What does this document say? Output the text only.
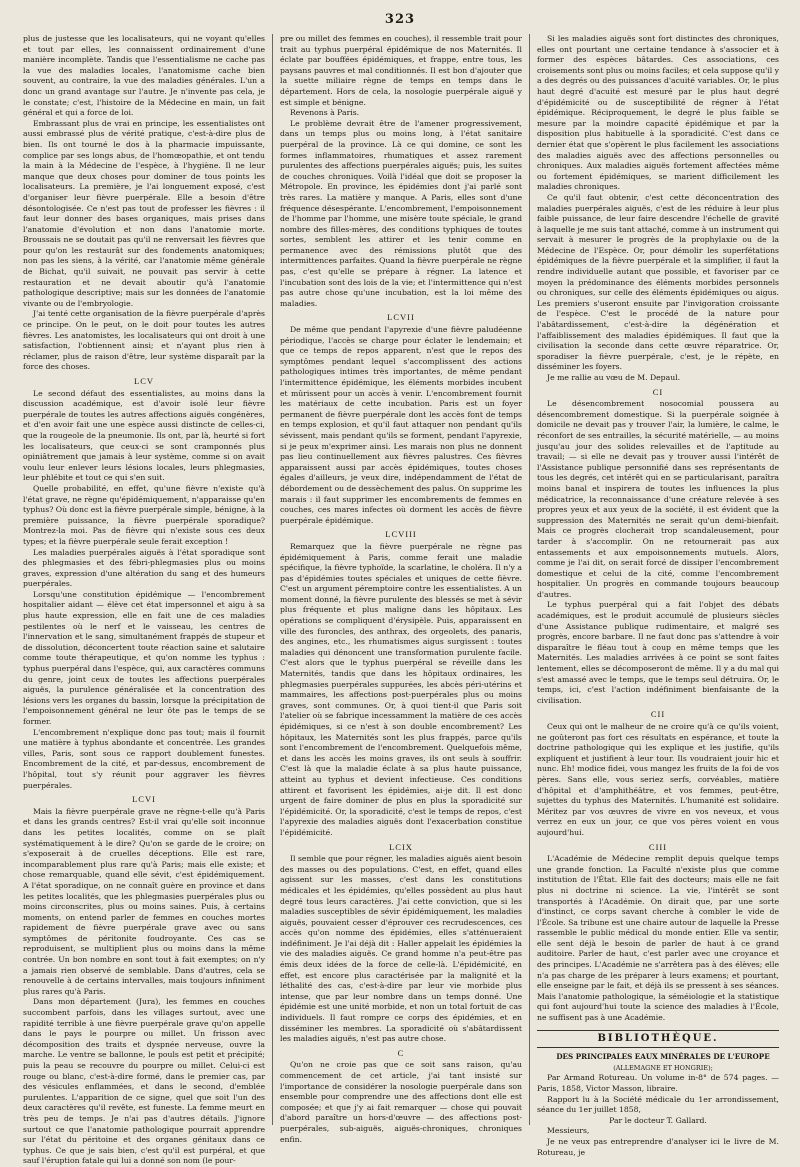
323

plus de justesse que les localisateurs, qui ne voyant qu'elles et tout par elles, les connaissent ordinairement d'une manière incomplète. Tandis que l'essentialisme ne cache pas la vue des maladies locales, l'anatomisme cache bien souvent, au contraire, la vue des maladies générales. L'un a donc un grand avantage sur l'autre. Je n'invente pas cela, je le constate; c'est, l'histoire de la Médecine en main, un fait général et qui a force de loi.

Embrassant plus de vrai en principe, les essentialistes ont aussi embrassé plus de vérité pratique, c'est-à-dire plus de bien. Ils ont tourné le dos à la pharmacie impuissante, complice par ses longs abus, de l'homœopathie, et ont tendu la main à la Médecine de l'espèce, à l'hygiène. Il ne leur manque que deux choses pour dominer de tous points les localisateurs. La première, je l'ai longuement exposé, c'est d'organiser leur fièvre puerpérale. Elle a besoin d'être désontologisée. Ce n'est pas tout de professer les fièvres : il faut leur donner des bases organiques, mais prises dans l'anatomie d'évolution et non dans l'anatomie morte. Broussais ne se doutait pas qu'il ne renversait les fièvres que pour qu'on les restaurât sur des fondements anatomiques; non pas les siens, à la vérité, car l'anatomie même générale de Bichat, qu'il suivait, ne pouvait pas servir à cette restauration et ne devait aboutir qu'à l'anatomie pathologique descriptive; mais sur les données de l'anatomie vivante ou de l'embryologie.

J'ai tenté cette organisation de la fièvre puerpérale d'après ce principe. On le peut, on le doit pour toutes les autres fièvres. Les anatomistes, les localisateurs qui ont droit à une satisfaction, l'obtiennent ainsi; et n'ayant plus rien à réclamer, plus de raison d'être, leur système disparaît par la force des choses.

LCV

Le second défaut des essentialistes, au moins dans la discussion académique, est d'avoir isolé leur fièvre puerpérale de toutes les autres affections aiguës congénères, et d'en avoir fait une une espèce aussi distincte de celles-ci, que la rougeole de la pneumonie. Ils ont, par là, heurté si fort les localisateurs, que ceux-ci se sont cramponnés plus opiniâtrement que jamais à leur système, comme si on avait voulu leur enlever leurs lésions locales, leurs phlegmasies, leur phlébite et tout ce qui s'en suit.

Quelle probabilité, en effet, qu'une fièvre n'existe qu'à l'état grave, ne règne qu'épidémiquement, n'apparaisse qu'en typhus? Où donc est la fièvre puerpérale simple, bénigne, à la première puissance, la fièvre puerpérale sporadique? Montrez-la moi. Pas de fièvre qui n'existe sous ces deux types; et la fièvre puerpérale seule ferait exception !

Les maladies puerpérales aiguës à l'état sporadique sont des phlegmasies et des fébri-phlegmasies plus ou moins graves, expression d'une altération du sang et des humeurs puerpérales.

Lorsqu'une constitution épidémique — l'encombrement hospitalier aidant — élève cet état impersonnel et aigu à sa plus haute expression, elle en fait une de ces maladies pestilentes où le nerf et le vaisseau, les centres de l'innervation et le sang, simultanément frappés de stupeur et de dissolution, déconcertent toute réaction saine et salutaire comme toute thérapeutique, et qu'on nomme les typhus : typhus puerpéral dans l'espèce, qui, aux caractères communs du genre, joint ceux de toutes les affections puerpérales aiguës, la purulence généralisée et la concentration des lésions vers les organes du bassin, lorsque la précipitation de l'empoisonnement général ne leur ôte pas le temps de se former.

L'encombrement n'explique donc pas tout; mais il fournit une matière à typhus abondante et concentrée. Les grandes villes, Paris, sont sous ce rapport doublement funestes. Encombrement de la cité, et par-dessus, encombrement de l'hôpital, tout s'y réunit pour aggraver les fièvres puerpérales.

LCVI

Mais la fièvre puerpérale grave ne règne-t-elle qu'à Paris et dans les grands centres? Est-il vrai qu'elle soit inconnue dans les petites localités, comme on se plaît systématiquement à le dire? Qu'on se garde de le croire; on s'exposerait à de cruelles déceptions. Elle est rare, incomparablement plus rare qu'à Paris; mais elle existe; et chose remarquable, quand elle sévit, c'est épidémiquement. A l'état sporadique, on ne connaît guère en province et dans les petites localités, que les phlegmasies puerpérales plus ou moins circonscrites, plus ou moins saines. Puis, à certains moments, on entend parler de femmes en couches mortes rapidement de fièvre puerpérale grave avec ou sans symptômes de péritonite foudroyante. Ces cas se reproduisent, se multiplient plus ou moins dans la même contrée. Un bon nombre en sont tout à fait exemptes; on n'y a jamais rien observé de semblable. Dans d'autres, cela se renouvelle à de certains intervalles, mais toujours infiniment plus rares qu'à Paris.

Dans mon département (Jura), les femmes en couches succombent parfois, dans les villages surtout, avec une rapidité terrible à une fièvre puerpérale grave qu'on appelle dans le pays le pourpre ou millet. Un frisson avec décomposition des traits et dyspnée nerveuse, ouvre la marche. Le ventre se ballonne, le pouls est petit et précipité; puis la peau se recouvre du pourpre ou millet. Celui-ci est rouge ou blanc, c'est-à-dire formé, dans le premier cas, par des vésicules enflammées, et dans le second, d'emblée purulentes. L'apparition de ce signe, quel que soit l'un des deux caractères qu'il revête, est funeste. La femme meurt en très peu de temps. Je n'ai pas d'autres détails. J'ignore surtout ce que l'anatomie pathologique pourrait apprendre sur l'état du péritoine et des organes génitaux dans ce typhus. Ce que je sais bien, c'est qu'il est purpéral, et que sauf l'éruption fatale qui lui a donné son nom (le pour-

pre ou millet des femmes en couches), il ressemble trait pour trait au typhus puerpéral épidémique de nos Maternités. Il éclate par bouffées épidémiques, et frappe, entre tous, les paysans pauvres et mal conditionnés. Il est bon d'ajouter que la suette miliaire règne de temps en temps dans le département. Hors de cela, la nosologie puerpérale aiguë y est simple et bénigne.

Revenons à Paris.

Le problème devrait être de l'amener progressivement, dans un temps plus ou moins long, à l'état sanitaire puerpéral de la province. Là ce qui domine, ce sont les formes inflammatoires, rhumatiques et assez rarement purulentes des affections puerpérales aiguës; puis, les suites de couches chroniques. Voilà l'idéal que doit se proposer la Métropole. En province, les épidémies dont j'ai parlé sont très rares. La matière y manque. A Paris, elles sont d'une fréquence désespérante. L'encombrement, l'empoisonnement de l'homme par l'homme, une misère toute spéciale, le grand nombre des filles-mères, des conditions typhiques de toutes sortes, semblent les attirer et les tenir comme en permanence avec des rémissions plutôt que des intermittences parfaites. Quand la fièvre puerpérale ne règne pas, c'est qu'elle se prépare à régner. La latence et l'incubation sont des lois de la vie; et l'intermittence qui n'est pas autre chose qu'une incubation, est la loi même des maladies.

LCVII

De même que pendant l'apyrexie d'une fièvre paludéenne périodique, l'accès se charge pour éclater le lendemain; et que ce temps de repos apparent, n'est que le repos des symptômes pendant lequel s'accomplissent des actions pathologiques intimes très importantes, de même pendant l'intermittence épidémique, les éléments morbides incubent et mûrissent pour un accès à venir. L'encombrement fournit les matériaux de cette incubation. Paris est un foyer permanent de fièvre puerpérale dont les accès font de temps en temps explosion, et qu'il faut attaquer non pendant qu'ils sévissent, mais pendant qu'ils se forment, pendant l'apyrexie, si je peux m'exprimer ainsi. Les marais non plus ne donnent pas lieu continuellement aux fièvres palustres. Ces fièvres apparaissent aussi par accès épidémiques, toutes choses égales d'ailleurs, je veux dire, indépendamment de l'état de débordement ou de dessèchement des palus. On supprime les marais : il faut supprimer les encombrements de femmes en couches, ces mares infectes où dorment les accès de fièvre puerpérale épidémique.

LCVIII

Remarquez que la fièvre puerpérale ne règne pas épidémiquement à Paris, comme ferait une maladie spécifique, la fièvre typhoïde, la scarlatine, le choléra. Il n'y a pas d'épidémies toutes spéciales et uniques de cette fièvre. C'est un argument péremptoire contre les essentialistes. A un moment donné, la fièvre purulente des blessés se met à sévir plus fréquente et plus maligne dans les hôpitaux. Les opérations se compliquent d'érysipèle. Puis, apparaissent en ville des furoncles, des anthrax, des orgeolets, des panaris, des angines, etc., les rhumatismes aigus surgissent : toutes maladies qui dénoncent une transformation purulente facile. C'est alors que le typhus puerpéral se réveille dans les Maternités, tandis que dans les hôpitaux ordinaires, les phlegmasies puerpérales suppurées, les abcès péri-utérins et mammaires, les affections post-puerpérales plus ou moins graves, sont communes. Or, à quoi tient-il que Paris soit l'atelier où se fabrique incessamment la matière de ces accès épidémiques, si ce n'est à son double encombrement? Les hôpitaux, les Maternités sont les plus frappés, parce qu'ils sont l'encombrement de l'encombrement. Quelquefois même, et dans les accès les moins graves, ils ont seuls à souffrir. C'est là que la maladie éclate à sa plus haute puissance, atteint au typhus et devient infectieuse. Ces conditions attirent et favorisent les épidémies, ai-je dit. Il est donc urgent de faire dominer de plus en plus la sporadicité sur l'épidémicité. Or, la sporadicité, c'est le temps de repos, c'est l'apyrexie des maladies aiguës dont l'exacerbation constitue l'épidémicité.

LCIX

Il semble que pour régner, les maladies aiguës aient besoin des masses ou des populations. C'est, en effet, quand elles agissent sur les masses, c'est dans les constitutions médicales et les épidémies, qu'elles possèdent au plus haut degré tous leurs caractères. J'ai cette conviction, que si les maladies susceptibles de sévir épidémiquement, les maladies aiguës, pouvaient cesser d'éprouver ces recrudescences, ces accès qu'on nomme des épidémies, elles s'atténueraient indéfiniment. Je l'ai déjà dit : Haller appelait les épidémies la vie des maladies aiguës. Ce grand homme n'a peut-être pas émis deux idées de la force de celle-là. L'épidémicité, en effet, est encore plus caractérisée par la malignité et la léthalité des cas, c'est-à-dire par leur vie morbide plus intense, que par leur nombre dans un temps donné. Une épidémie est une unité morbide, et non un total fortuit de cas individuels. Il faut rompre ce corps des épidémies, et en disséminer les membres. La sporadicité où s'abâtardissent les maladies aiguës, n'est pas autre chose.

C

Qu'on ne croie pas que ce soit sans raison, qu'au commencement de cet article, j'ai tant insisté sur l'importance de considérer la nosologie puerpérale dans son ensemble pour comprendre une des affections dont elle est composée; et que j'y ai fait remarquer — chose qui pouvait d'abord paraître un hors-d'œuvre — des affections post-puerpérales, sub-aiguës, aiguës-chroniques, chroniques enfin.

Si les maladies aiguës sont fort distinctes des chroniques, elles ont pourtant une certaine tendance à s'associer et à former des espèces bâtardes. Ces associations, ces croisements sont plus ou moins faciles; et cela suppose qu'il y a des degrés ou des puissances d'acuité variables. Or, le plus haut degré d'acuité est mesuré par le plus haut degré d'épidémicité ou de susceptibilité de régner à l'état épidémique. Réciproquement, le degré le plus faible se mesure par la moindre capacité épidémique et par la disposition plus habituelle à la sporadicité. C'est dans ce dernier état que s'opèrent le plus facilement les associations des maladies aiguës avec des affections personnelles ou chroniques. Aux maladies aiguës fortement affectées même ou fortement épidémiques, se marient difficilement les maladies chroniques.

Ce qu'il faut obtenir, c'est cette déconcentration des maladies puerpérales aiguës, c'est de les réduire à leur plus faible puissance, de leur faire descendre l'échelle de gravité à laquelle je me suis tant attaché, comme à un instrument qui servait à mesurer le progrès de la prophylaxie ou de la Médecine de l'Espèce. Or, pour démolir les superfétations épidémiques de la fièvre puerpérale et la simplifier, il faut la rendre individuelle autant que possible, et favoriser par ce moyen la prédominance des éléments morbides personnels ou chroniques, sur celle des éléments épidémiques ou aigus. Les premiers s'useront ensuite par l'invigoration croissante de l'espèce. C'est le procédé de la nature pour l'abâtardissement, c'est-à-dire la dégénération et l'affaiblissement des maladies épidémiques. Il faut que la civilisation la seconde dans cette œuvre réparatrice. Or, sporadiser la fièvre puerpérale, c'est, je le répète, en disséminer les foyers.

Je me rallie au vœu de M. Depaul.

CI

Le désencombrement nosocomial poussera au désencombrement domestique. Si la puerpérale soignée à domicile ne devait pas y trouver l'air, la lumière, le calme, le réconfort de ses entrailles, la sécurité matérielle, — au moins jusqu'au jour des solides relevailles et de l'aptitude au travail; — si elle ne devait pas y trouver aussi l'intérêt de l'Assistance publique personnifié dans ses représentants de tous les degrés, cet intérêt qui en se particularisant, paraîtra moins banal et inspirera de toutes les influences la plus médicatrice, la reconnaissance d'une créature relevée à ses propres yeux et aux yeux de la société, il est évident que la suppression des Maternités ne serait qu'un demi-bienfait. Mais ce progrès clocherait trop scandaleusement, pour tarder à s'accomplir. On ne retournerait pas aux entassements et aux empoisonnements mutuels. Alors, comme je l'ai dit, on serait forcé de dissiper l'encombrement domestique et celui de la cité, comme l'encombrement hospitalier. Un progrès en commande toujours beaucoup d'autres.

Le typhus puerpéral qui a fait l'objet des débats académiques, est le produit accumulé de plusieurs siècles d'une Assistance publique rudimentaire, et malgré ses progrès, encore barbare. Il ne faut donc pas s'attendre à voir disparaître le fléau tout à coup en même temps que les Maternités. Les maladies arrivées à ce point se sont faites lentement, elles se décomposeront de même. Il y a du mal qui s'est amassé avec le temps, que le temps seul détruira. Or, le temps, ici, c'est l'action indéfiniment bienfaisante de la civilisation.

CII

Ceux qui ont le malheur de ne croire qu'à ce qu'ils voient, ne goûteront pas fort ces résultats en espérance, et toute la doctrine pathologique qui les explique et les justifie, qu'ils expliquent et justifient à leur tour. Ils voudraient jouir hic et nunc. Eh! modice fidei, vous mangez les fruits de la foi de vos pères. Sans elle, vous seriez serfs, corvéables, matière d'hôpital et d'amphithéâtre, et vos femmes, peut-être, sujettes du typhus des Maternités. L'humanité est solidaire. Méritez par vos œuvres de vivre en vos neveux, et vous verrez en eux un jour, ce que vos pères voient en vous aujourd'hui.

CIII

L'Académie de Médecine remplit depuis quelque temps une grande fonction. La Faculté n'existe plus que comme institution de l'État. Elle fait des docteurs; mais elle ne fait plus ni doctrine ni science. La vie, l'intérêt se sont transportés à l'Académie. On dirait que, par une sorte d'instinct, ce corps savant cherche à combler le vide de l'École. Sa tribune est une chaire autour de laquelle la Presse rassemble le public médical du monde entier. Elle va sentir, elle sent déjà le besoin de parler de haut à ce grand auditoire. Parler de haut, c'est parler avec une croyance et des principes. L'Académie ne s'arrêtera pas à des élèves; elle n'a pas charge de les préparer à leurs examens; et pourtant, elle enseigne par le fait, et déjà ils se pressent à ses séances. Mais l'anatomie pathologique, la séméiologie et la statistique qui font aujourd'hui toute la science des maladies à l'École, ne suffisent pas à une Académie.

BIBLIOTHÈQUE.

DES PRINCIPALES EAUX MINÉRALES DE L'EUROPE

(ALLEMAGNE ET HONGRIE);

Par Armand Rotureau. Un volume in-8° de 574 pages. — Paris, 1858, Victor Masson, libraire.

Rapport lu à la Société médicale du 1er arrondissement, séance du 1er juillet 1858,

Par le docteur T. Gallard.

Messieurs,

Je ne veux pas entreprendre d'analyser ici le livre de M. Rotureau, je
